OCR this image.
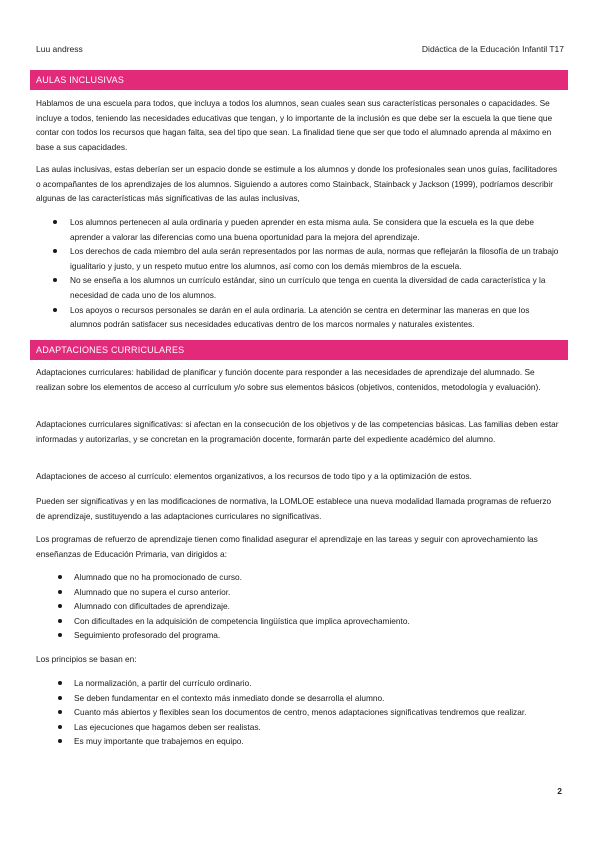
Luu andress	Didáctica de la Educación Infantil T17
AULAS INCLUSIVAS

Hablamos de una escuela para todos, que incluya a todos los alumnos, sean cuales sean sus características personales o capacidades. Se incluye a todos, teniendo las necesidades educativas que tengan, y lo importante de la inclusión es que debe ser la escuela la que tiene que contar con todos los recursos que hagan falta, sea del tipo que sean. La finalidad tiene que ser que todo el alumnado aprenda al máximo en base a sus capacidades.

Las aulas inclusivas, estas deberían ser un espacio donde se estimule a los alumnos y donde los profesionales sean unos guías, facilitadores o acompañantes de los aprendizajes de los alumnos. Siguiendo a autores como Stainback, Stainback y Jackson (1999), podríamos describir algunas de las características más significativas de las aulas inclusivas,

Los alumnos pertenecen al aula ordinaria y pueden aprender en esta misma aula. Se considera que la escuela es la que debe aprender a valorar las diferencias como una buena oportunidad para la mejora del aprendizaje.
Los derechos de cada miembro del aula serán representados por las normas de aula, normas que reflejarán la filosofía de un trabajo igualitario y justo, y un respeto mutuo entre los alumnos, así como con los demás miembros de la escuela.
No se enseña a los alumnos un currículo estándar, sino un currículo que tenga en cuenta la diversidad de cada característica y la necesidad de cada uno de los alumnos.
Los apoyos o recursos personales se darán en el aula ordinaria. La atención se centra en determinar las maneras en que los alumnos podrán satisfacer sus necesidades educativas dentro de los marcos normales y naturales existentes.
ADAPTACIONES CURRICULARES

Adaptaciones curriculares: habilidad de planificar y función docente para responder a las necesidades de aprendizaje del alumnado. Se realizan sobre los elementos de acceso al currículum y/o sobre sus elementos básicos (objetivos, contenidos, metodología y evaluación).

Adaptaciones curriculares significativas: si afectan en la consecución de los objetivos y de las competencias básicas. Las familias deben estar informadas y autorizarlas, y se concretan en la programación docente, formarán parte del expediente académico del alumno.

Adaptaciones de acceso al currículo: elementos organizativos, a los recursos de todo tipo y a la optimización de estos.

Pueden ser significativas y en las modificaciones de normativa, la LOMLOE establece una nueva modalidad llamada programas de refuerzo de aprendizaje, sustituyendo a las adaptaciones curriculares no significativas.

Los programas de refuerzo de aprendizaje tienen como finalidad asegurar el aprendizaje en las tareas y seguir con aprovechamiento las enseñanzas de Educación Primaria, van dirigidos a:

Alumnado que no ha promocionado de curso.
Alumnado que no supera el curso anterior.
Alumnado con dificultades de aprendizaje.
Con dificultades en la adquisición de competencia lingüística que implica aprovechamiento.
Seguimiento profesorado del programa.

Los principios se basan en:

La normalización, a partir del currículo ordinario.
Se deben fundamentar en el contexto más inmediato donde se desarrolla el alumno.
Cuanto más abiertos y flexibles sean los documentos de centro, menos adaptaciones significativas tendremos que realizar.
Las ejecuciones que hagamos deben ser realistas.
Es muy importante que trabajemos en equipo.
2
